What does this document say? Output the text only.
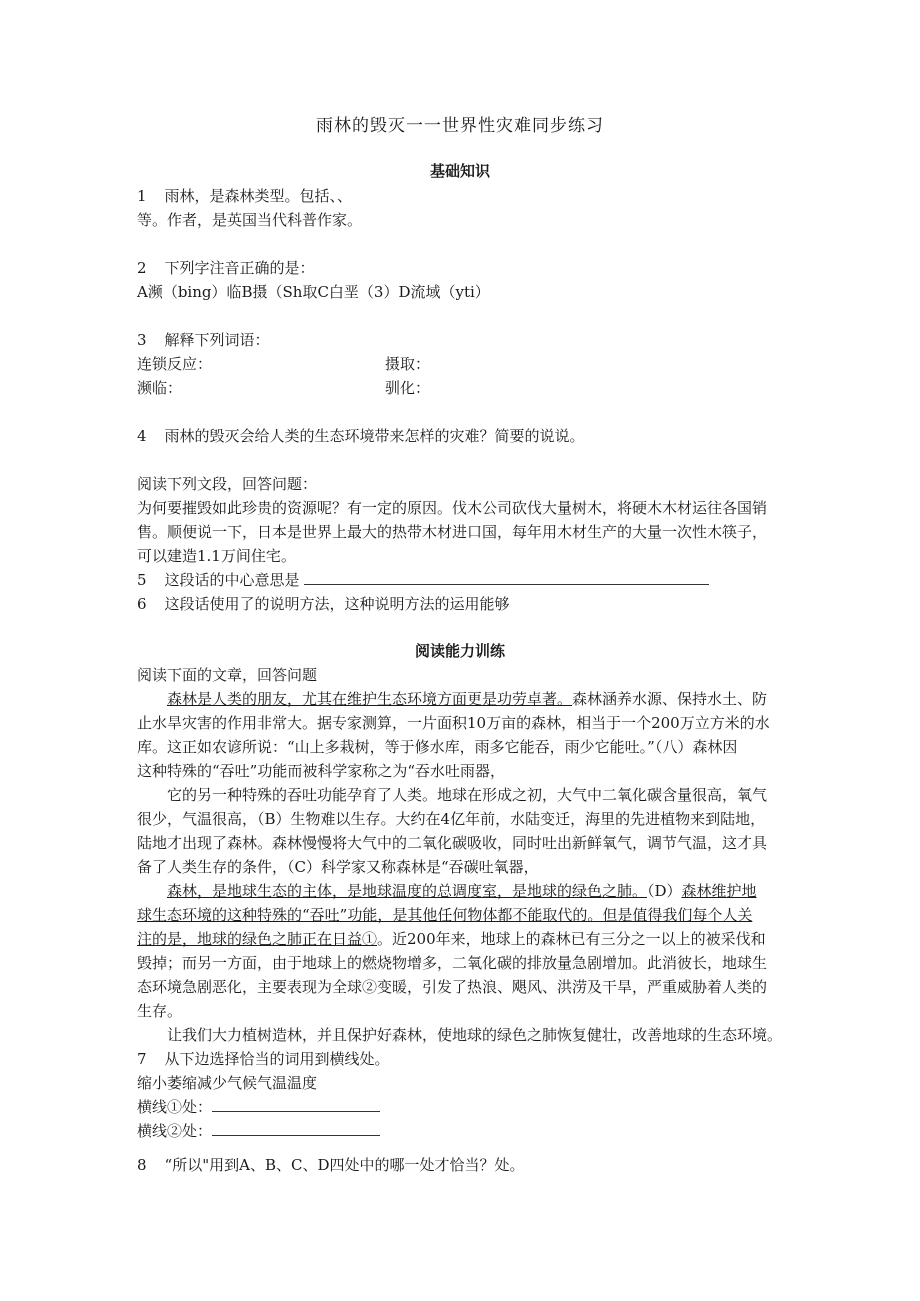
雨林的毁灭一一世界性灾难同步练习
基础知识
1 雨林，是森林类型。包括、、
等。作者，是英国当代科普作家。
2 下列字注音正确的是：
A濒（bing）临B摄（Sh取C白垩（3）D流域（yti）
3 解释下列词语：
连锁反应：	摄取：
濒临：	驯化：
4 雨林的毁灭会给人类的生态环境带来怎样的灾难？简要的说说。
阅读下列文段，回答问题：
为何要摧毁如此珍贵的资源呢？有一定的原因。伐木公司砍伐大量树木，将硬木木材运往各国销
售。顺便说一下，日本是世界上最大的热带木材进口国，每年用木材生产的大量一次性木筷子，
可以建造1.1万间住宅。
5 这段话的中心意思是
6 这段话使用了的说明方法，这种说明方法的运用能够
阅读能力训练
阅读下面的文章，回答问题
森林是人类的朋友，尤其在维护生态环境方面更是功劳卓著。森林涵养水源、保持水土、防
止水旱灾害的作用非常大。据专家测算，一片面积10万亩的森林，相当于一个200万立方米的水
库。这正如农谚所说：“山上多栽树，等于修水库，雨多它能吞，雨少它能吐。”（八）森林因
这种特殊的“吞吐”功能而被科学家称之为“吞水吐雨器，
它的另一种特殊的吞吐功能孕育了人类。地球在形成之初，大气中二氧化碳含量很高，氧气
很少，气温很高，（B）生物难以生存。大约在4亿年前，水陆变迁，海里的先进植物来到陆地，
陆地才出现了森林。森林慢慢将大气中的二氧化碳吸收，同时吐出新鲜氧气，调节气温，这才具
备了人类生存的条件，（C）科学家又称森林是“吞碳吐氧器，
森林，是地球生态的主体，是地球温度的总调度室，是地球的绿色之肺。（D）森林维护地
球生态环境的这种特殊的“吞吐”功能，是其他任何物体都不能取代的。但是值得我们每个人关
注的是，地球的绿色之肺正在日益①。近200年来，地球上的森林已有三分之一以上的被采伐和
毁掉；而另一方面，由于地球上的燃烧物增多，二氧化碳的排放量急剧增加。此消彼长，地球生
态环境急剧恶化，主要表现为全球②变暖，引发了热浪、飓风、洪涝及干旱，严重威胁着人类的
生存。
让我们大力植树造林，并且保护好森林，使地球的绿色之肺恢复健壮，改善地球的生态环境。
7 从下边选择恰当的词用到横线处。
缩小萎缩减少气候气温温度
横线①处：
横线②处：
8 “所以"用到A、B、C、D四处中的哪一处才恰当？处。
